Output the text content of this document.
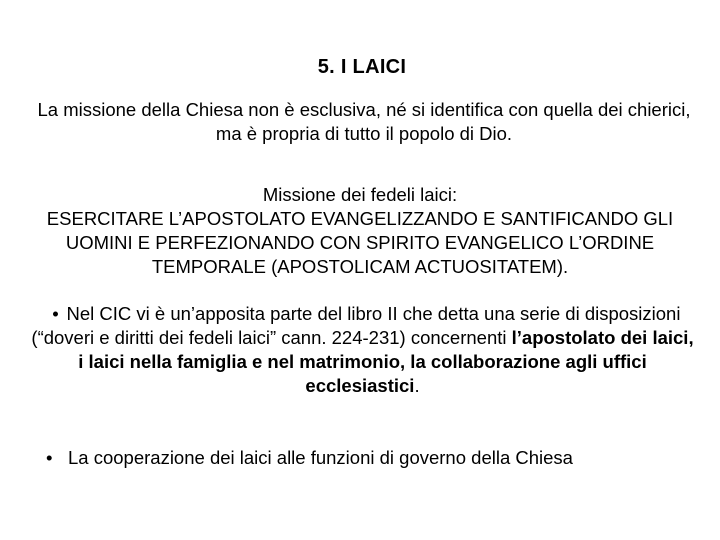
5. I LAICI
La missione della Chiesa non è esclusiva, né si identifica con quella dei chierici, ma è propria di tutto il popolo di Dio.
Missione dei fedeli laici:
ESERCITARE L’APOSTOLATO EVANGELIZZANDO E SANTIFICANDO GLI UOMINI E PERFEZIONANDO CON SPIRITO EVANGELICO L’ORDINE TEMPORALE (APOSTOLICAM ACTUOSITATEM).
• Nel CIC vi è un’apposita parte del libro II che detta una serie di disposizioni (“doveri e diritti dei fedeli laici” cann. 224-231) concernenti l’apostolato dei laici, i laici nella famiglia e nel matrimonio, la collaborazione agli uffici ecclesiastici.
• La cooperazione dei laici alle funzioni di governo della Chiesa
